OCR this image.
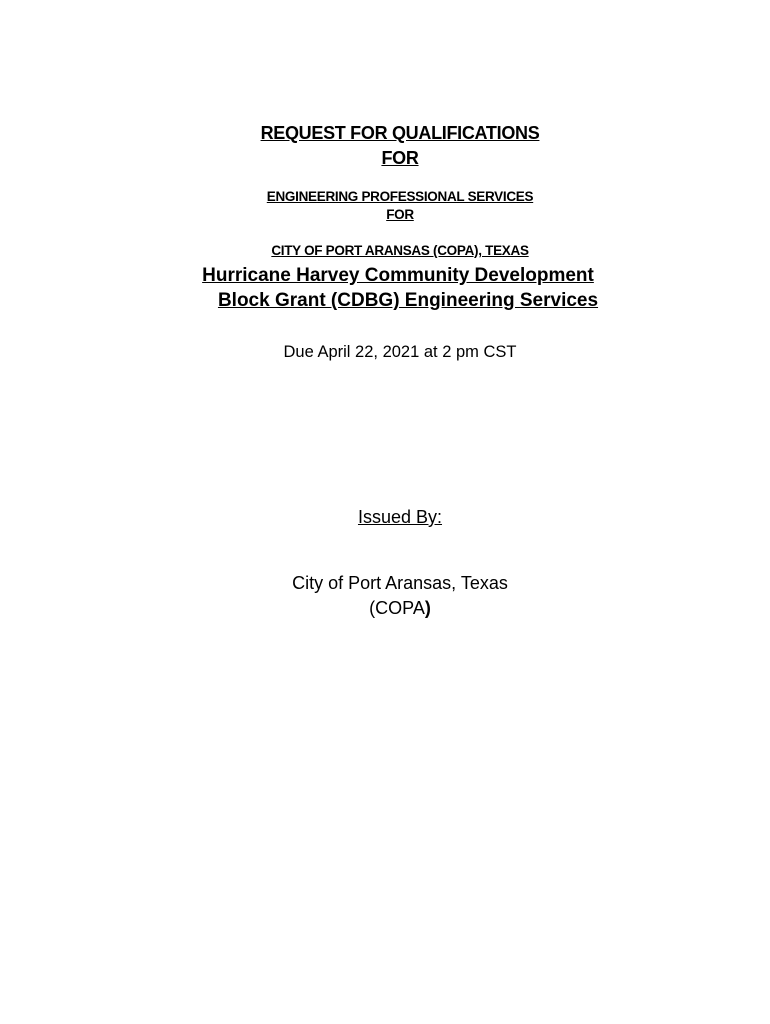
REQUEST FOR QUALIFICATIONS
FOR
ENGINEERING PROFESSIONAL SERVICES
FOR
CITY OF PORT ARANSAS (COPA), TEXAS
Hurricane Harvey Community Development
Block Grant (CDBG) Engineering Services
Due April 22, 2021 at 2 pm CST
Issued By:
City of Port Aransas, Texas
(COPA)
